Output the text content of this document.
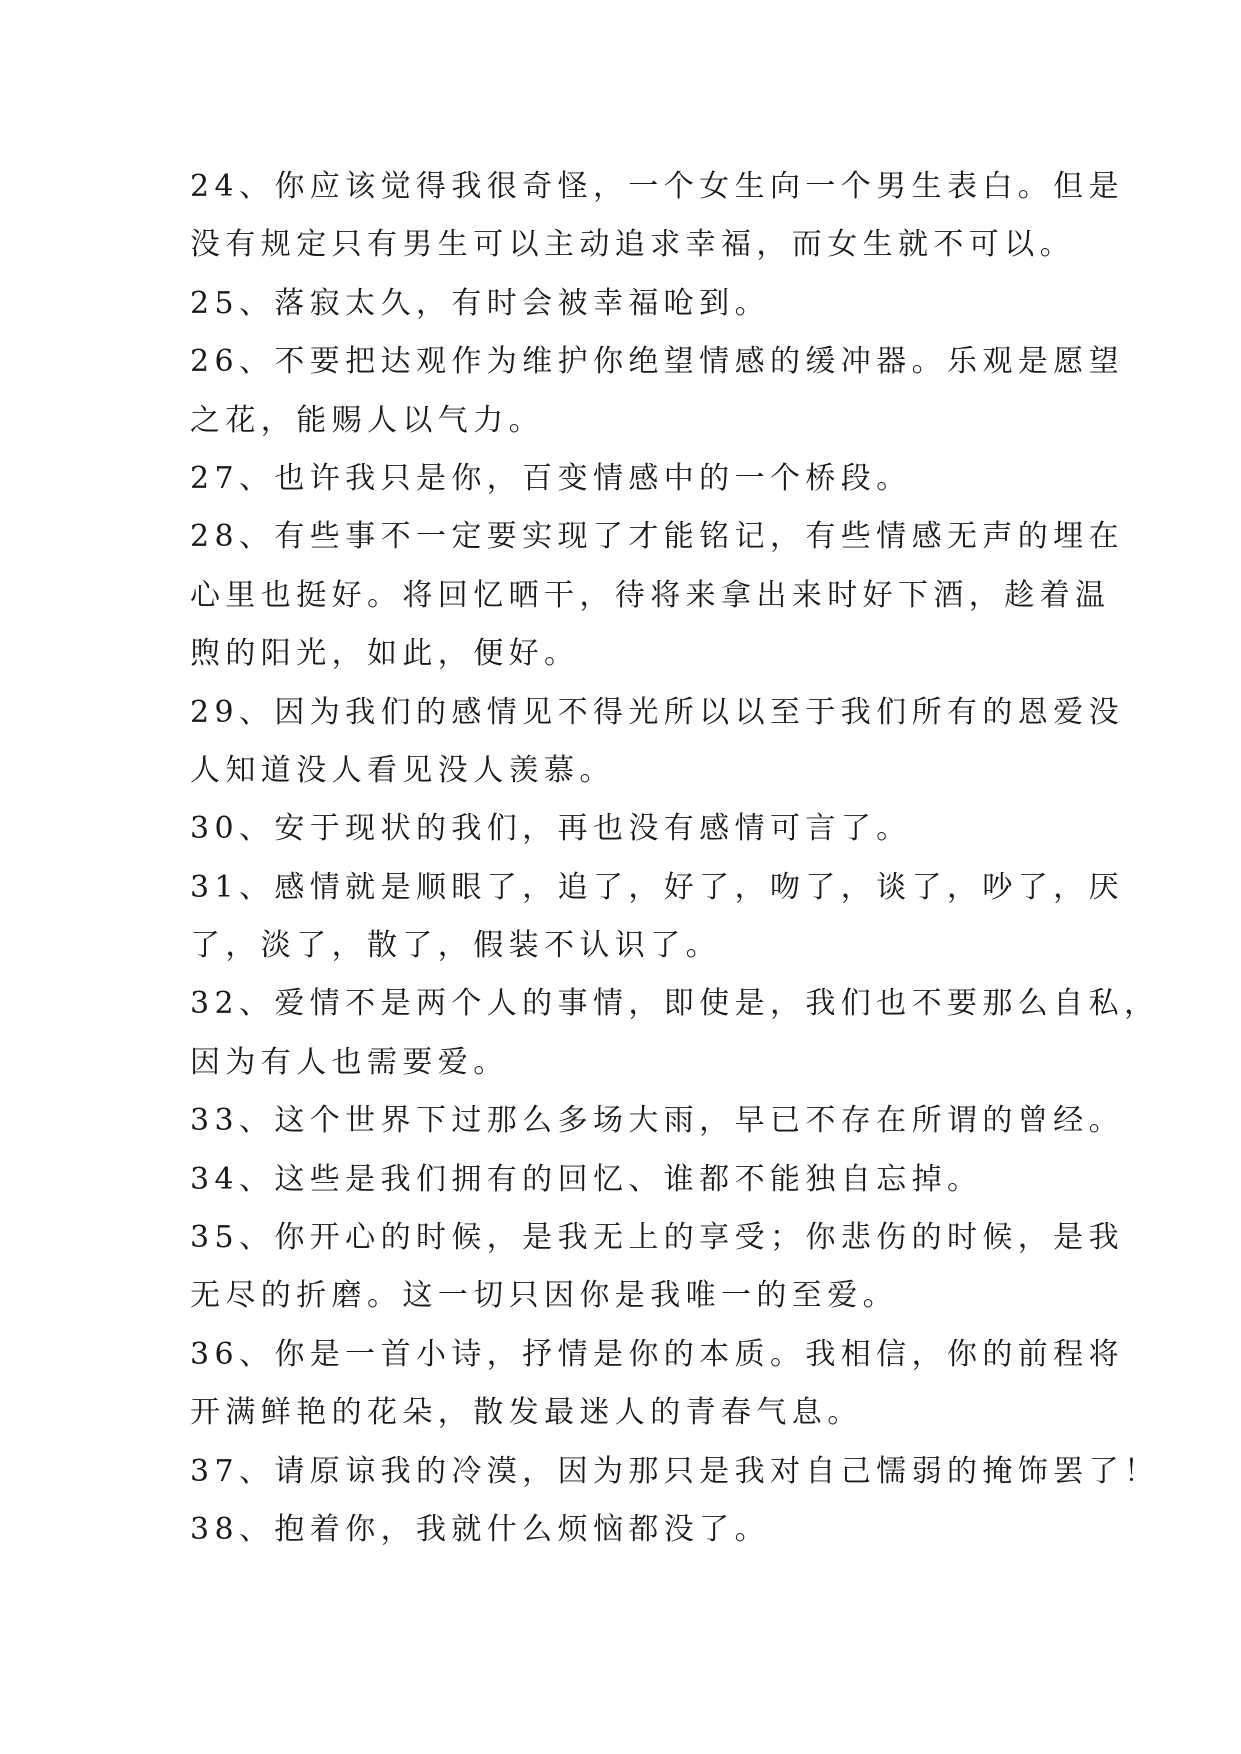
24、你应该觉得我很奇怪，一个女生向一个男生表白。但是
没有规定只有男生可以主动追求幸福，而女生就不可以。
25、落寂太久，有时会被幸福呛到。
26、不要把达观作为维护你绝望情感的缓冲器。乐观是愿望
之花，能赐人以气力。
27、也许我只是你，百变情感中的一个桥段。
28、有些事不一定要实现了才能铭记，有些情感无声的埋在
心里也挺好。将回忆晒干，待将来拿出来时好下酒，趁着温
煦的阳光，如此，便好。
29、因为我们的感情见不得光所以以至于我们所有的恩爱没
人知道没人看见没人羡慕。
30、安于现状的我们，再也没有感情可言了。
31、感情就是顺眼了，追了，好了，吻了，谈了，吵了，厌
了，淡了，散了，假装不认识了。
32、爱情不是两个人的事情，即使是，我们也不要那么自私，
因为有人也需要爱。
33、这个世界下过那么多场大雨，早已不存在所谓的曾经。
34、这些是我们拥有的回忆、谁都不能独自忘掉。
35、你开心的时候，是我无上的享受；你悲伤的时候，是我
无尽的折磨。这一切只因你是我唯一的至爱。
36、你是一首小诗，抒情是你的本质。我相信，你的前程将
开满鲜艳的花朵，散发最迷人的青春气息。
37、请原谅我的冷漠，因为那只是我对自己懦弱的掩饰罢了！
38、抱着你，我就什么烦恼都没了。
